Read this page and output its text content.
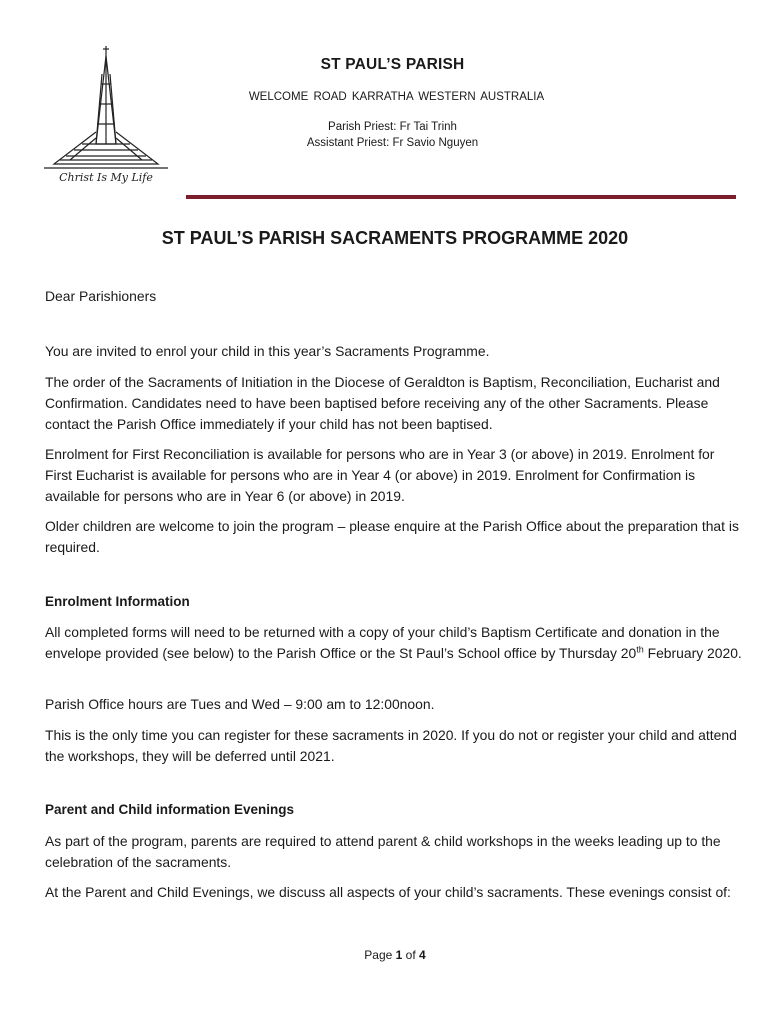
Christ Is My Life
ST PAUL’S PARISH
WELCOME ROAD KARRATHA WESTERN AUSTRALIA
Parish Priest: Fr Tai Trinh
Assistant Priest: Fr Savio Nguyen
ST PAUL’S PARISH SACRAMENTS PROGRAMME 2020
Dear Parishioners
You are invited to enrol your child in this year’s Sacraments Programme.
The order of the Sacraments of Initiation in the Diocese of Geraldton is Baptism, Reconciliation, Eucharist and Confirmation. Candidates need to have been baptised before receiving any of the other Sacraments. Please contact the Parish Office immediately if your child has not been baptised.
Enrolment for First Reconciliation is available for persons who are in Year 3 (or above) in 2019. Enrolment for First Eucharist is available for persons who are in Year 4 (or above) in 2019. Enrolment for Confirmation is available for persons who are in Year 6 (or above) in 2019.
Older children are welcome to join the program – please enquire at the Parish Office about the preparation that is required.
Enrolment Information
All completed forms will need to be returned with a copy of your child’s Baptism Certificate and donation in the envelope provided (see below) to the Parish Office or the St Paul’s School office by Thursday 20th February 2020.
Parish Office hours are Tues and Wed – 9:00 am to 12:00noon.
This is the only time you can register for these sacraments in 2020. If you do not or register your child and attend the workshops, they will be deferred until 2021.
Parent and Child information Evenings
As part of the program, parents are required to attend parent & child workshops in the weeks leading up to the celebration of the sacraments.
At the Parent and Child Evenings, we discuss all aspects of your child’s sacraments. These evenings consist of:
Page 1 of 4
